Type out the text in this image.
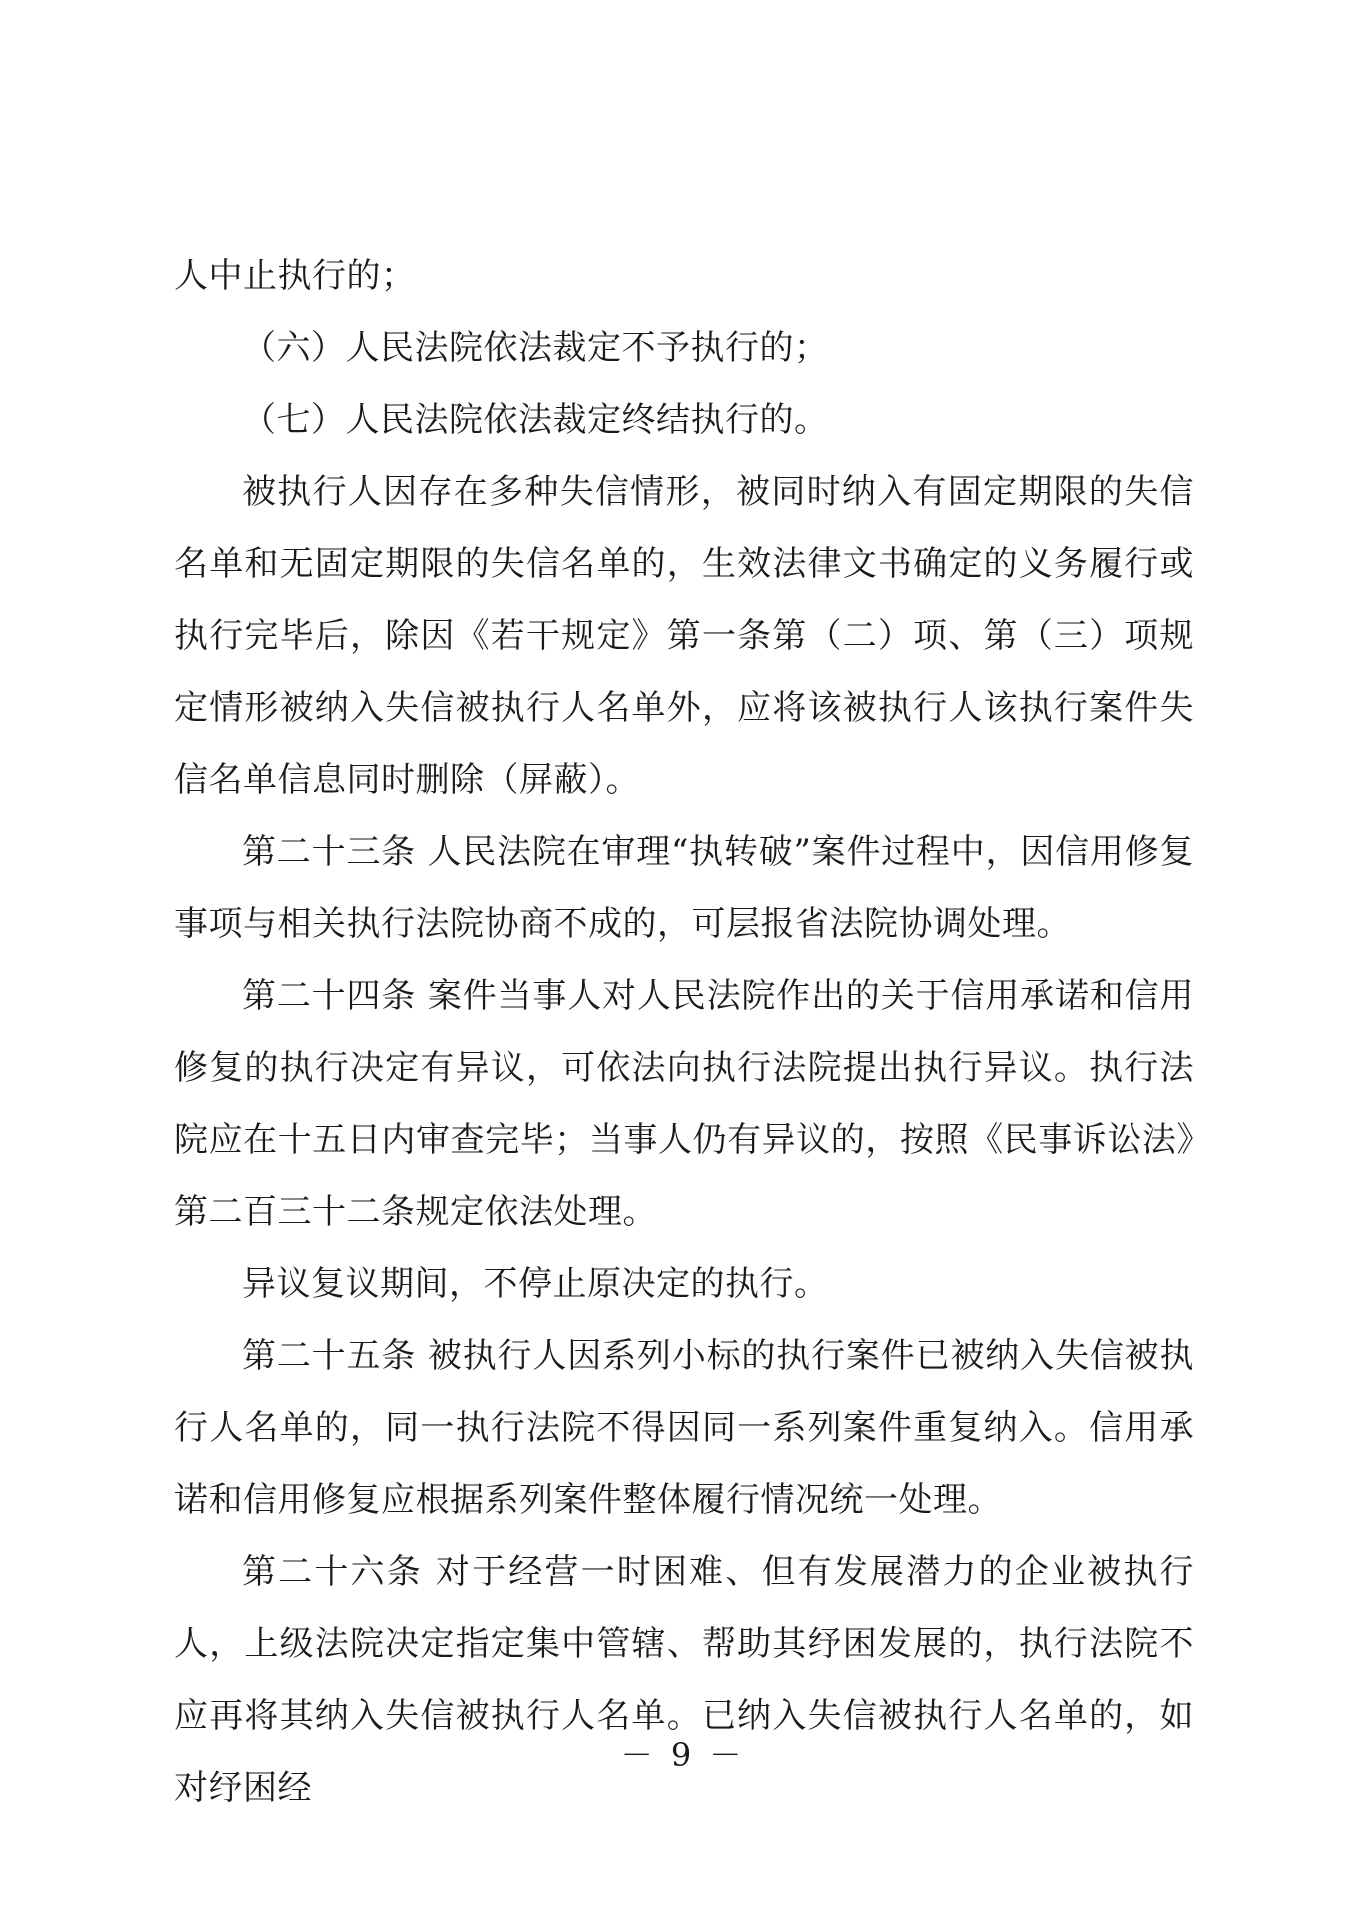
人中止执行的；

（六）人民法院依法裁定不予执行的；

（七）人民法院依法裁定终结执行的。

被执行人因存在多种失信情形，被同时纳入有固定期限的失信名单和无固定期限的失信名单的，生效法律文书确定的义务履行或执行完毕后，除因《若干规定》第一条第（二）项、第（三）项规定情形被纳入失信被执行人名单外，应将该被执行人该执行案件失信名单信息同时删除（屏蔽）。

第二十三条 人民法院在审理“执转破”案件过程中，因信用修复事项与相关执行法院协商不成的，可层报省法院协调处理。

第二十四条 案件当事人对人民法院作出的关于信用承诺和信用修复的执行决定有异议，可依法向执行法院提出执行异议。执行法院应在十五日内审查完毕；当事人仍有异议的，按照《民事诉讼法》第二百三十二条规定依法处理。

异议复议期间，不停止原决定的执行。

第二十五条 被执行人因系列小标的执行案件已被纳入失信被执行人名单的，同一执行法院不得因同一系列案件重复纳入。信用承诺和信用修复应根据系列案件整体履行情况统一处理。

第二十六条 对于经营一时困难、但有发展潜力的企业被执行人，上级法院决定指定集中管辖、帮助其纾困发展的，执行法院不应再将其纳入失信被执行人名单。已纳入失信被执行人名单的，如对纾困经

－ 9 －
